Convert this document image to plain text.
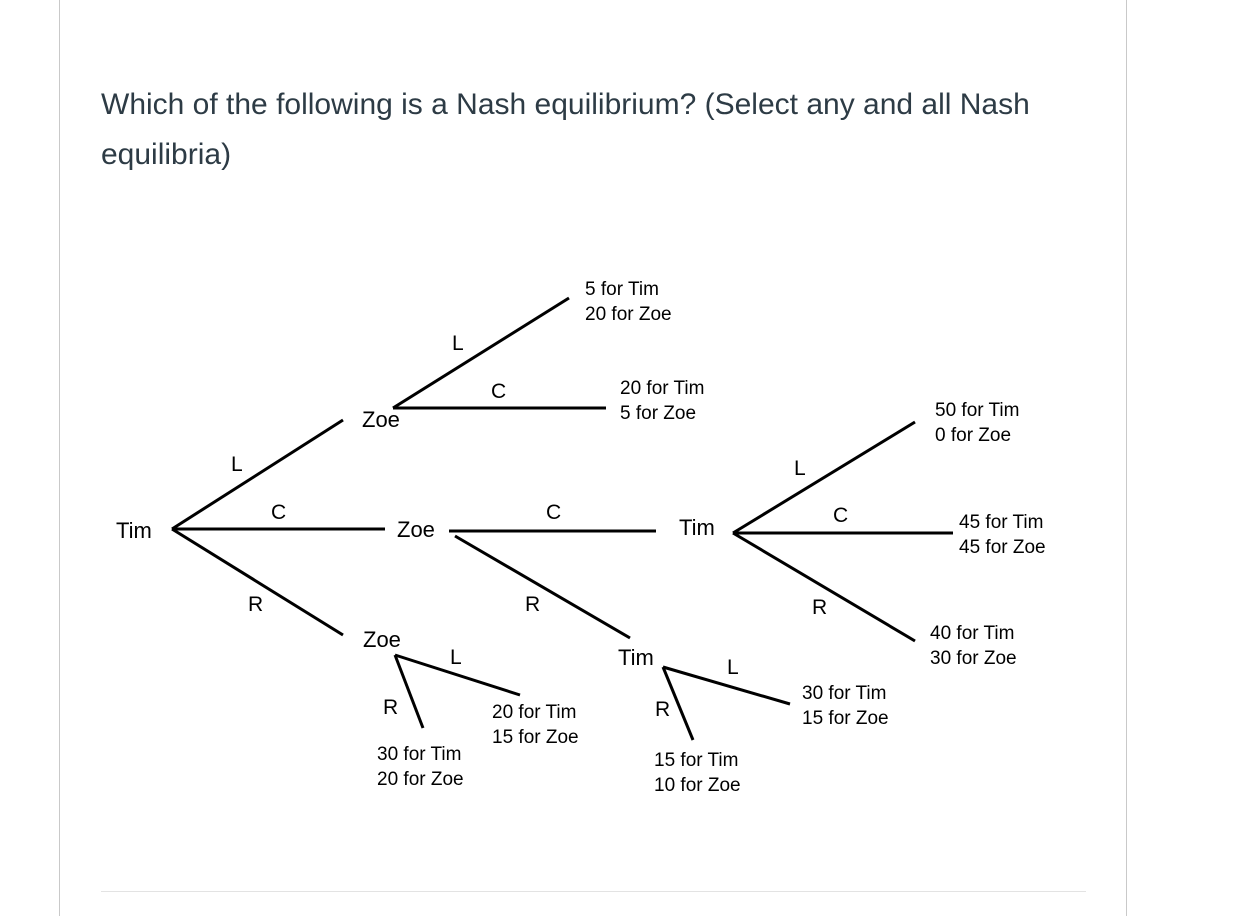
Which of the following is a Nash equilibrium? (Select any and all Nash equilibria)

Tim
Zoe
Zoe
Zoe
Tim
Tim
L
C
R
L
C
C
R
L
R
L
C
R
L
R
5 for Tim
20 for Zoe
20 for Tim
5 for Zoe	50 for Tim
0 for Zoe
45 for Tim
45 for Zoe
40 for Tim
30 for Zoe
30 for Tim
15 for Zoe
20 for Tim
15 for Zoe
30 for Tim
20 for Zoe
15 for Tim
10 for Zoe
